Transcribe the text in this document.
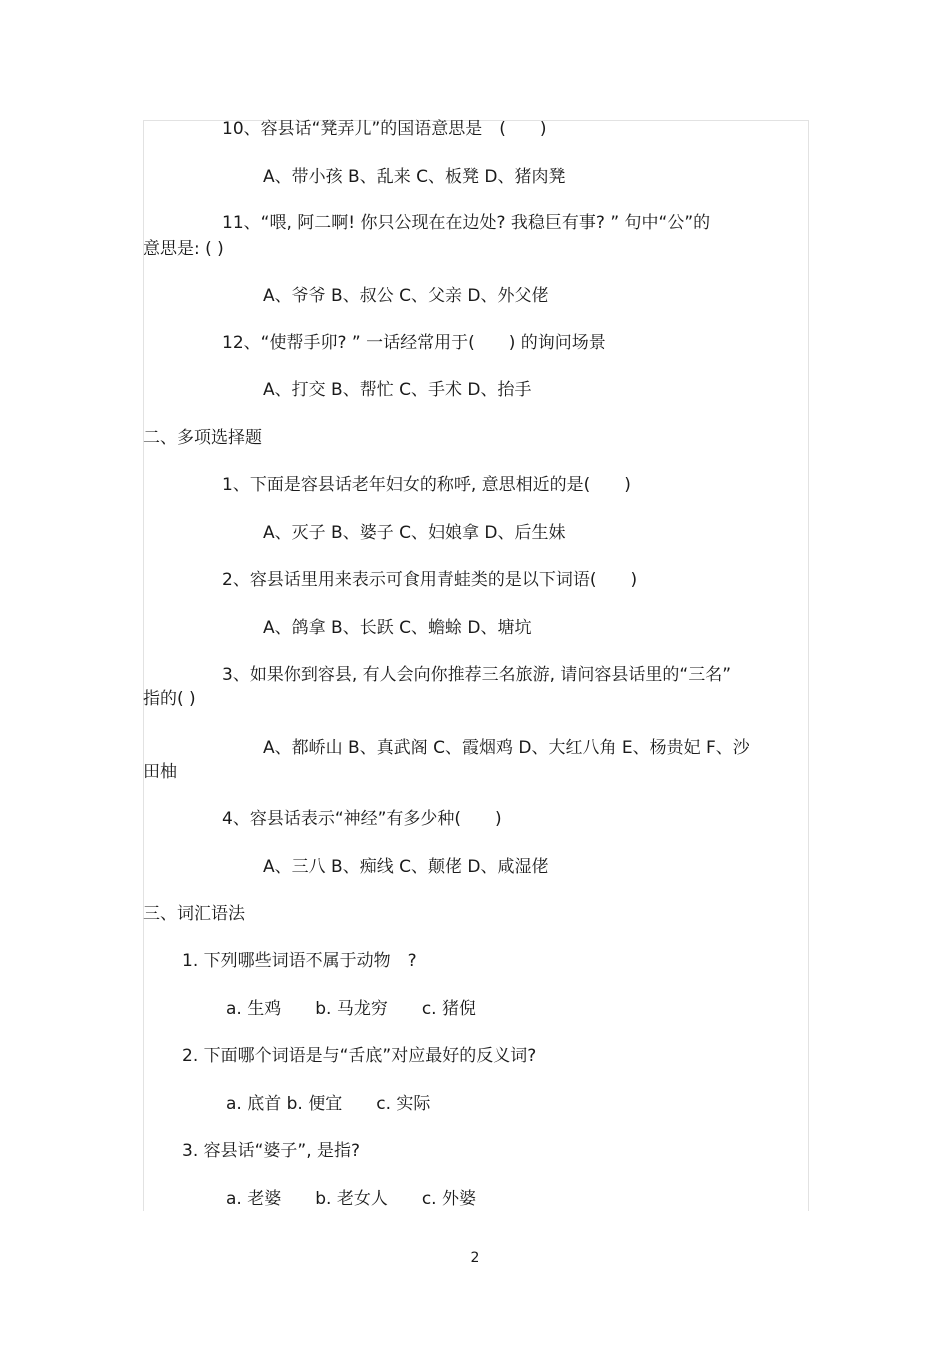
10、容县话“凳弄儿”的国语意思是　(　　)
A、带小孩 B、乱来 C、板凳 D、猪肉凳
11、“喂, 阿二啊! 你只公现在在边处? 我稳巨有事? ” 句中“公”的
意思是: ( )
A、爷爷 B、叔公 C、父亲 D、外父佬
12、“使帮手卯? ” 一话经常用于(　　) 的询问场景
A、打交 B、帮忙 C、手术 D、抬手
二、多项选择题
1、下面是容县话老年妇女的称呼, 意思相近的是(　　)
A、灭子 B、婆子 C、妇娘拿 D、后生妹
2、容县话里用来表示可食用青蛙类的是以下词语(　　)
A、鸽拿 B、长跃 C、蟾蜍 D、塘坑
3、如果你到容县, 有人会向你推荐三名旅游, 请问容县话里的“三名”
指的( )
A、都峤山 B、真武阁 C、霞烟鸡 D、大红八角 E、杨贵妃 F、沙
田柚
4、容县话表示“神经”有多少种(　　)
A、三八 B、痴线 C、颠佬 D、咸湿佬
三、词汇语法
1. 下列哪些词语不属于动物　?
a. 生鸡　　b. 马龙穷　　c. 猪倪
2. 下面哪个词语是与“舌底”对应最好的反义词?
a. 底首 b. 便宜　　c. 实际
3. 容县话“婆子”, 是指?
a. 老婆　　b. 老女人　　c. 外婆
2
